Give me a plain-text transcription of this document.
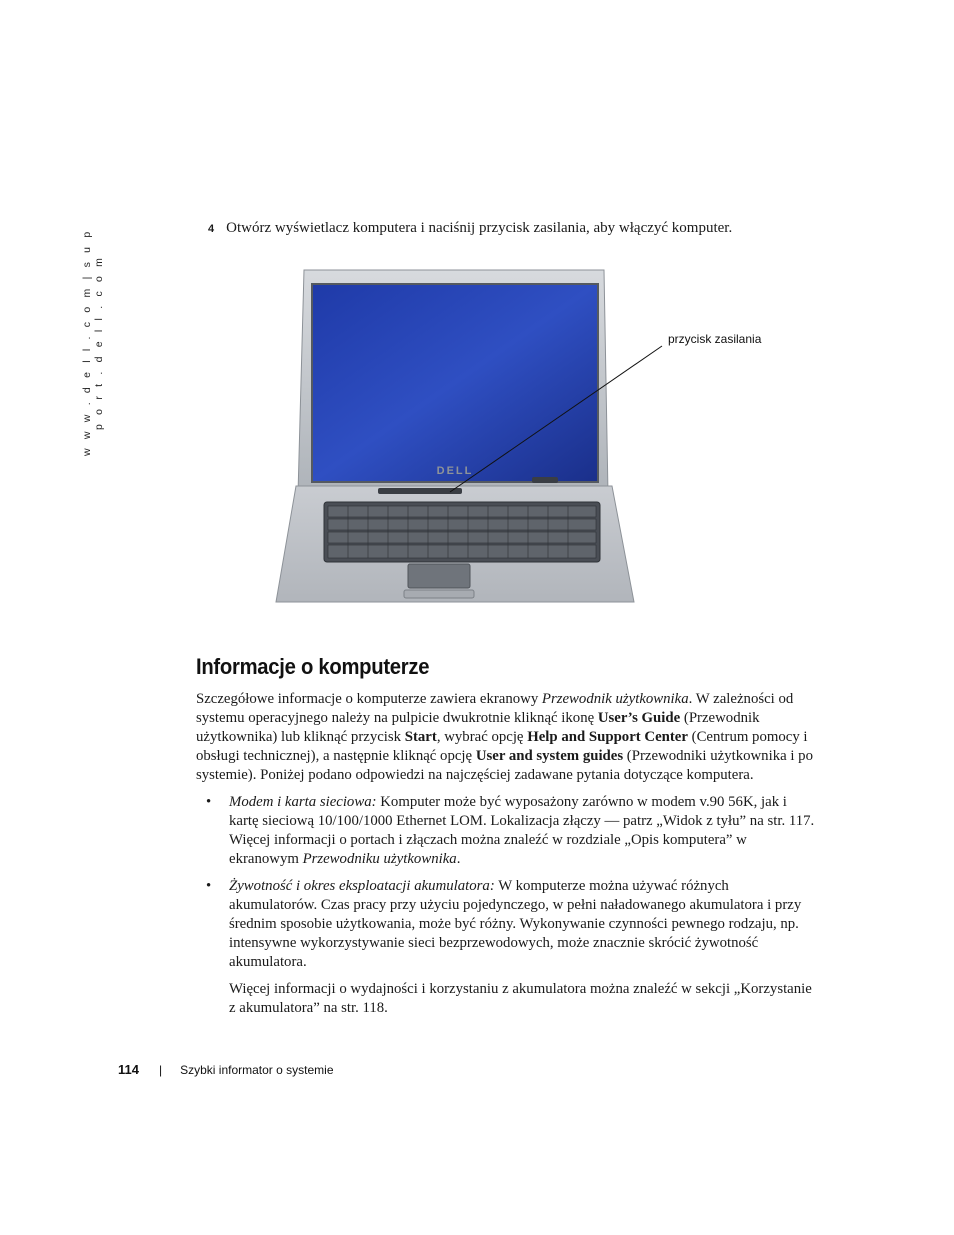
w w w . d e l l . c o m | s u p p o r t . d e l l . c o m
4 Otwórz wyświetlacz komputera i naciśnij przycisk zasilania, aby włączyć komputer.
DELL
przycisk zasilania
Informacje o komputerze

Szczegółowe informacje o komputerze zawiera ekranowy Przewodnik użytkownika. W zależności od systemu operacyjnego należy na pulpicie dwukrotnie kliknąć ikonę User’s Guide (Przewodnik użytkownika) lub kliknąć przycisk Start, wybrać opcję Help and Support Center (Centrum pomocy i obsługi technicznej), a następnie kliknąć opcję User and system guides (Przewodniki użytkownika i po systemie). Poniżej podano odpowiedzi na najczęściej zadawane pytania dotyczące komputera.

• Modem i karta sieciowa: Komputer może być wyposażony zarówno w modem v.90 56K, jak i kartę sieciową 10/100/1000 Ethernet LOM. Lokalizacja złączy — patrz „Widok z tyłu” na str. 117. Więcej informacji o portach i złączach można znaleźć w rozdziale „Opis komputera” w ekranowym Przewodniku użytkownika.
• Żywotność i okres eksploatacji akumulatora: W komputerze można używać różnych akumulatorów. Czas pracy przy użyciu pojedynczego, w pełni naładowanego akumulatora i przy średnim sposobie użytkowania, może być różny. Wykonywanie czynności pewnego rodzaju, np. intensywne wykorzystywanie sieci bezprzewodowych, może znacznie skrócić żywotność akumulatora.

Więcej informacji o wydajności i korzystaniu z akumulatora można znaleźć w sekcji „Korzystanie z akumulatora” na str. 118.

114 | Szybki informator o systemie
